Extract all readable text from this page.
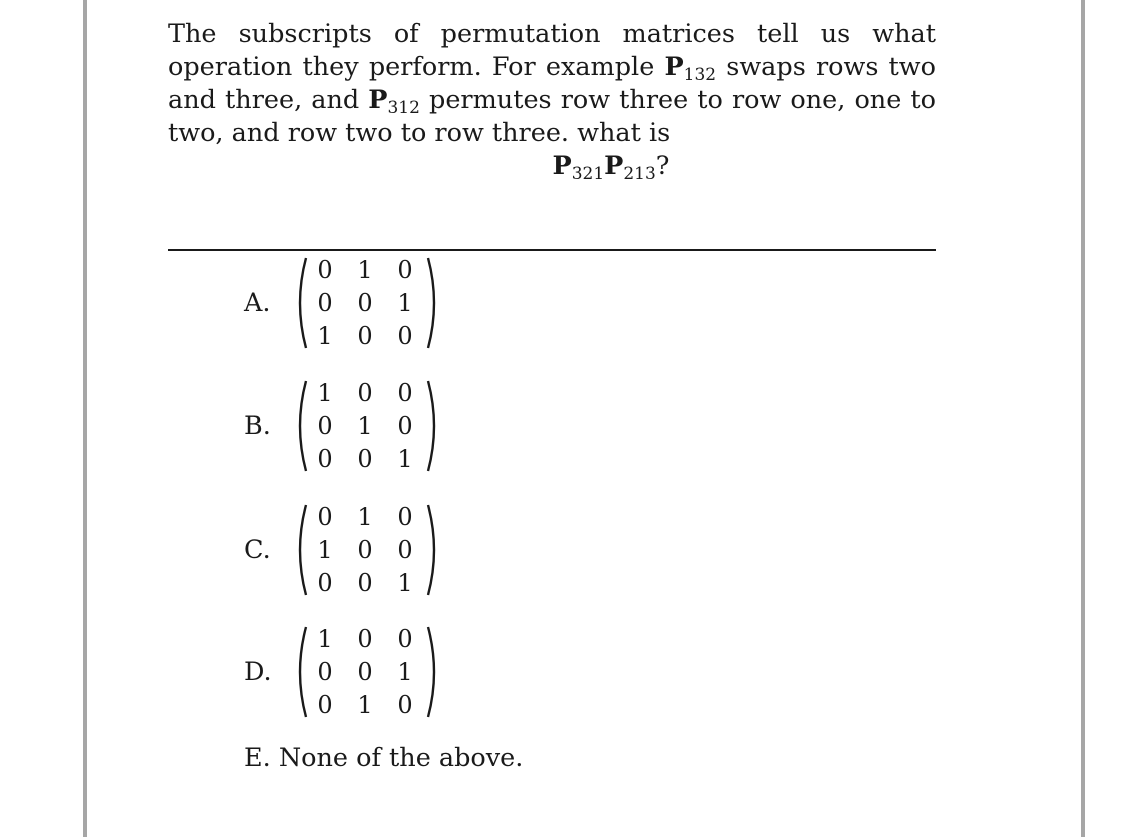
The subscripts of permutation matrices tell us what operation they perform. For example $P_{132}$ swaps rows two and three, and $P_{312}$ permutes row three to row one, one to two, and row two to row three. what is
$P_{321}P_{213}$?
A.
0	1	0
0	0	1
1	0	0
B.
1	0	0
0	1	0
0	0	1
C.
0	1	0
1	0	0
0	0	1
D.
1	0	0
0	0	1
0	1	0
E. None of the above.
